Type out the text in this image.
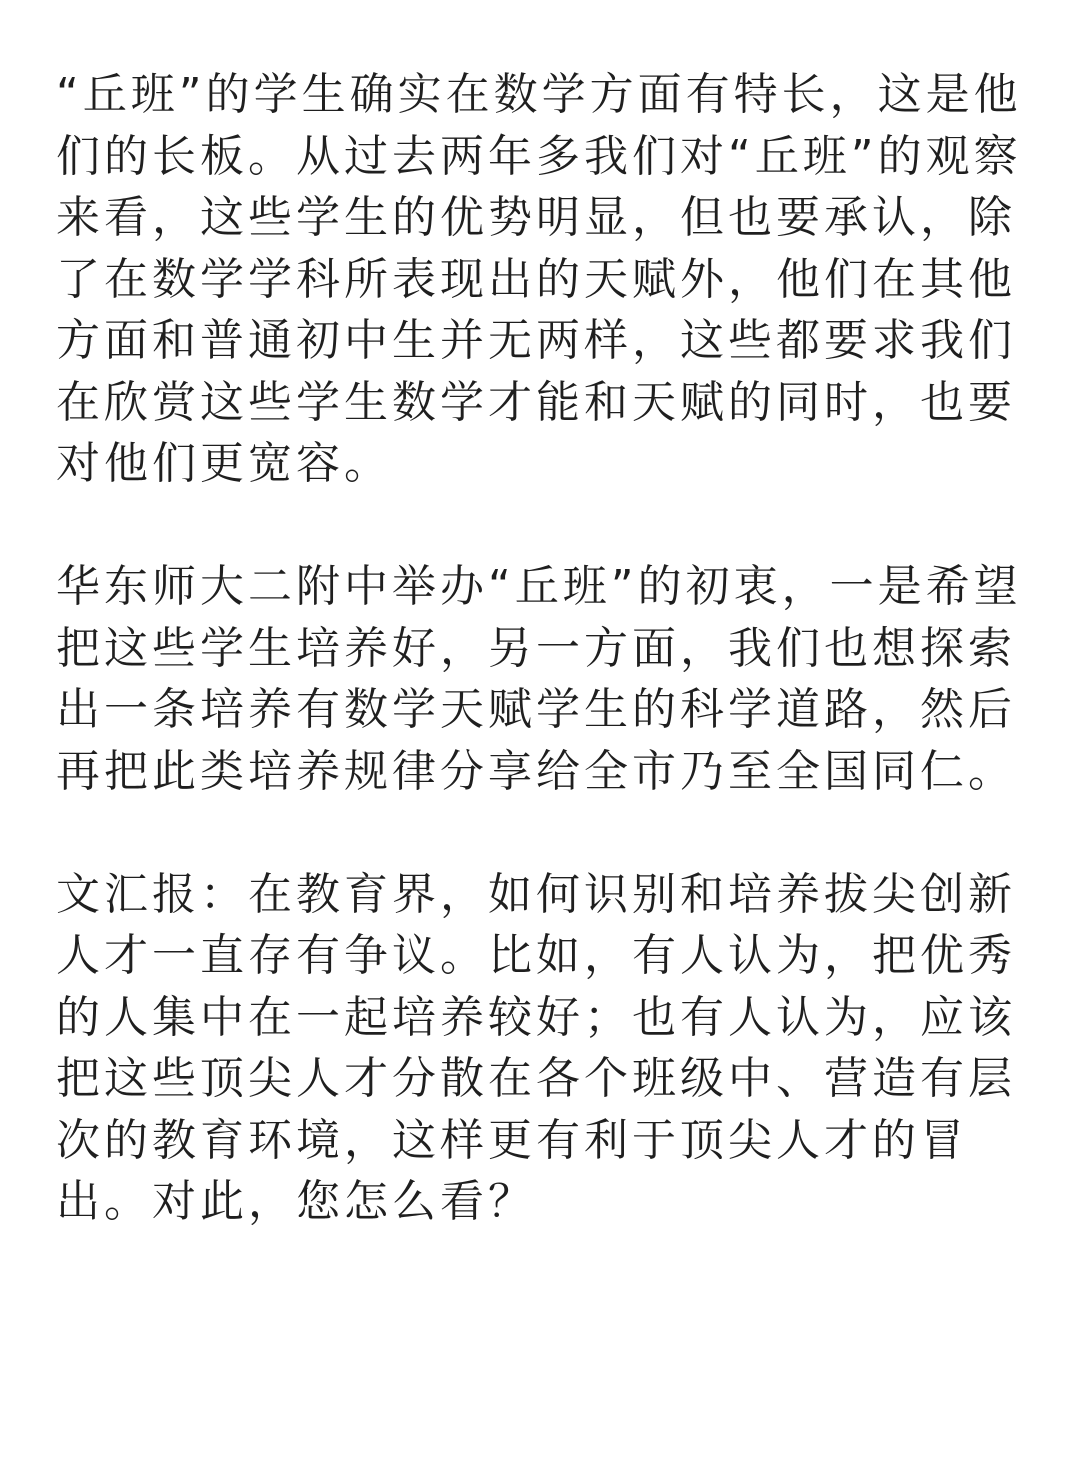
“丘班”的学生确实在数学方面有特长，这是他
们的长板。从过去两年多我们对“丘班”的观察
来看，这些学生的优势明显，但也要承认，除
了在数学学科所表现出的天赋外，他们在其他
方面和普通初中生并无两样，这些都要求我们
在欣赏这些学生数学才能和天赋的同时，也要
对他们更宽容。
华东师大二附中举办“丘班”的初衷，一是希望
把这些学生培养好，另一方面，我们也想探索
出一条培养有数学天赋学生的科学道路，然后
再把此类培养规律分享给全市乃至全国同仁。
文汇报：在教育界，如何识别和培养拔尖创新
人才一直存有争议。比如，有人认为，把优秀
的人集中在一起培养较好；也有人认为，应该
把这些顶尖人才分散在各个班级中、营造有层
次的教育环境，这样更有利于顶尖人才的冒
出。对此，您怎么看？
